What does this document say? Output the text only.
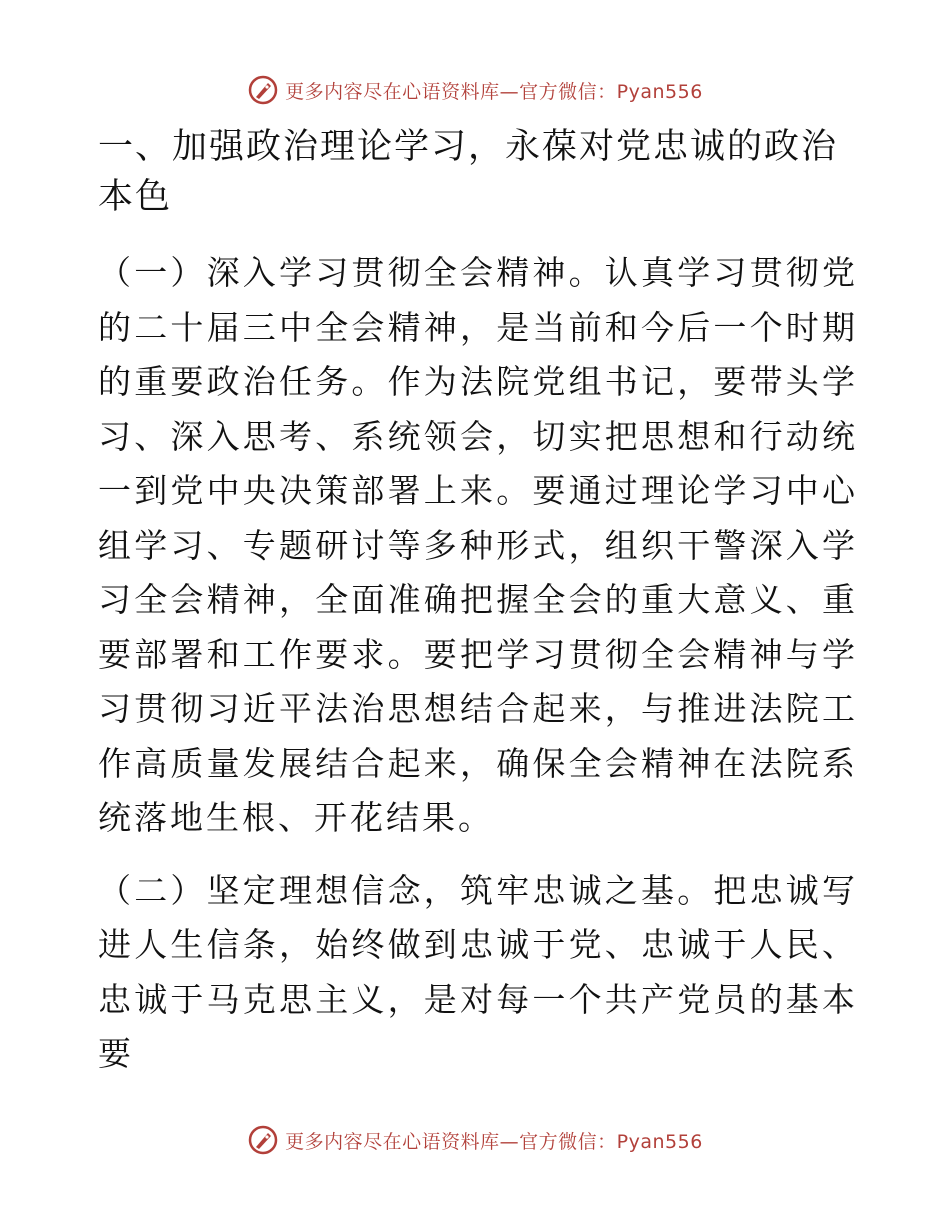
更多内容尽在心语资料库—官方微信：Pyan556
一、加强政治理论学习，永葆对党忠诚的政治本色

（一）深入学习贯彻全会精神。认真学习贯彻党的二十届三中全会精神，是当前和今后一个时期的重要政治任务。作为法院党组书记，要带头学习、深入思考、系统领会，切实把思想和行动统一到党中央决策部署上来。要通过理论学习中心组学习、专题研讨等多种形式，组织干警深入学习全会精神，全面准确把握全会的重大意义、重要部署和工作要求。要把学习贯彻全会精神与学习贯彻习近平法治思想结合起来，与推进法院工作高质量发展结合起来，确保全会精神在法院系统落地生根、开花结果。

（二）坚定理想信念，筑牢忠诚之基。把忠诚写进人生信条，始终做到忠诚于党、忠诚于人民、忠诚于马克思主义，是对每一个共产党员的基本要

更多内容尽在心语资料库—官方微信：Pyan556
